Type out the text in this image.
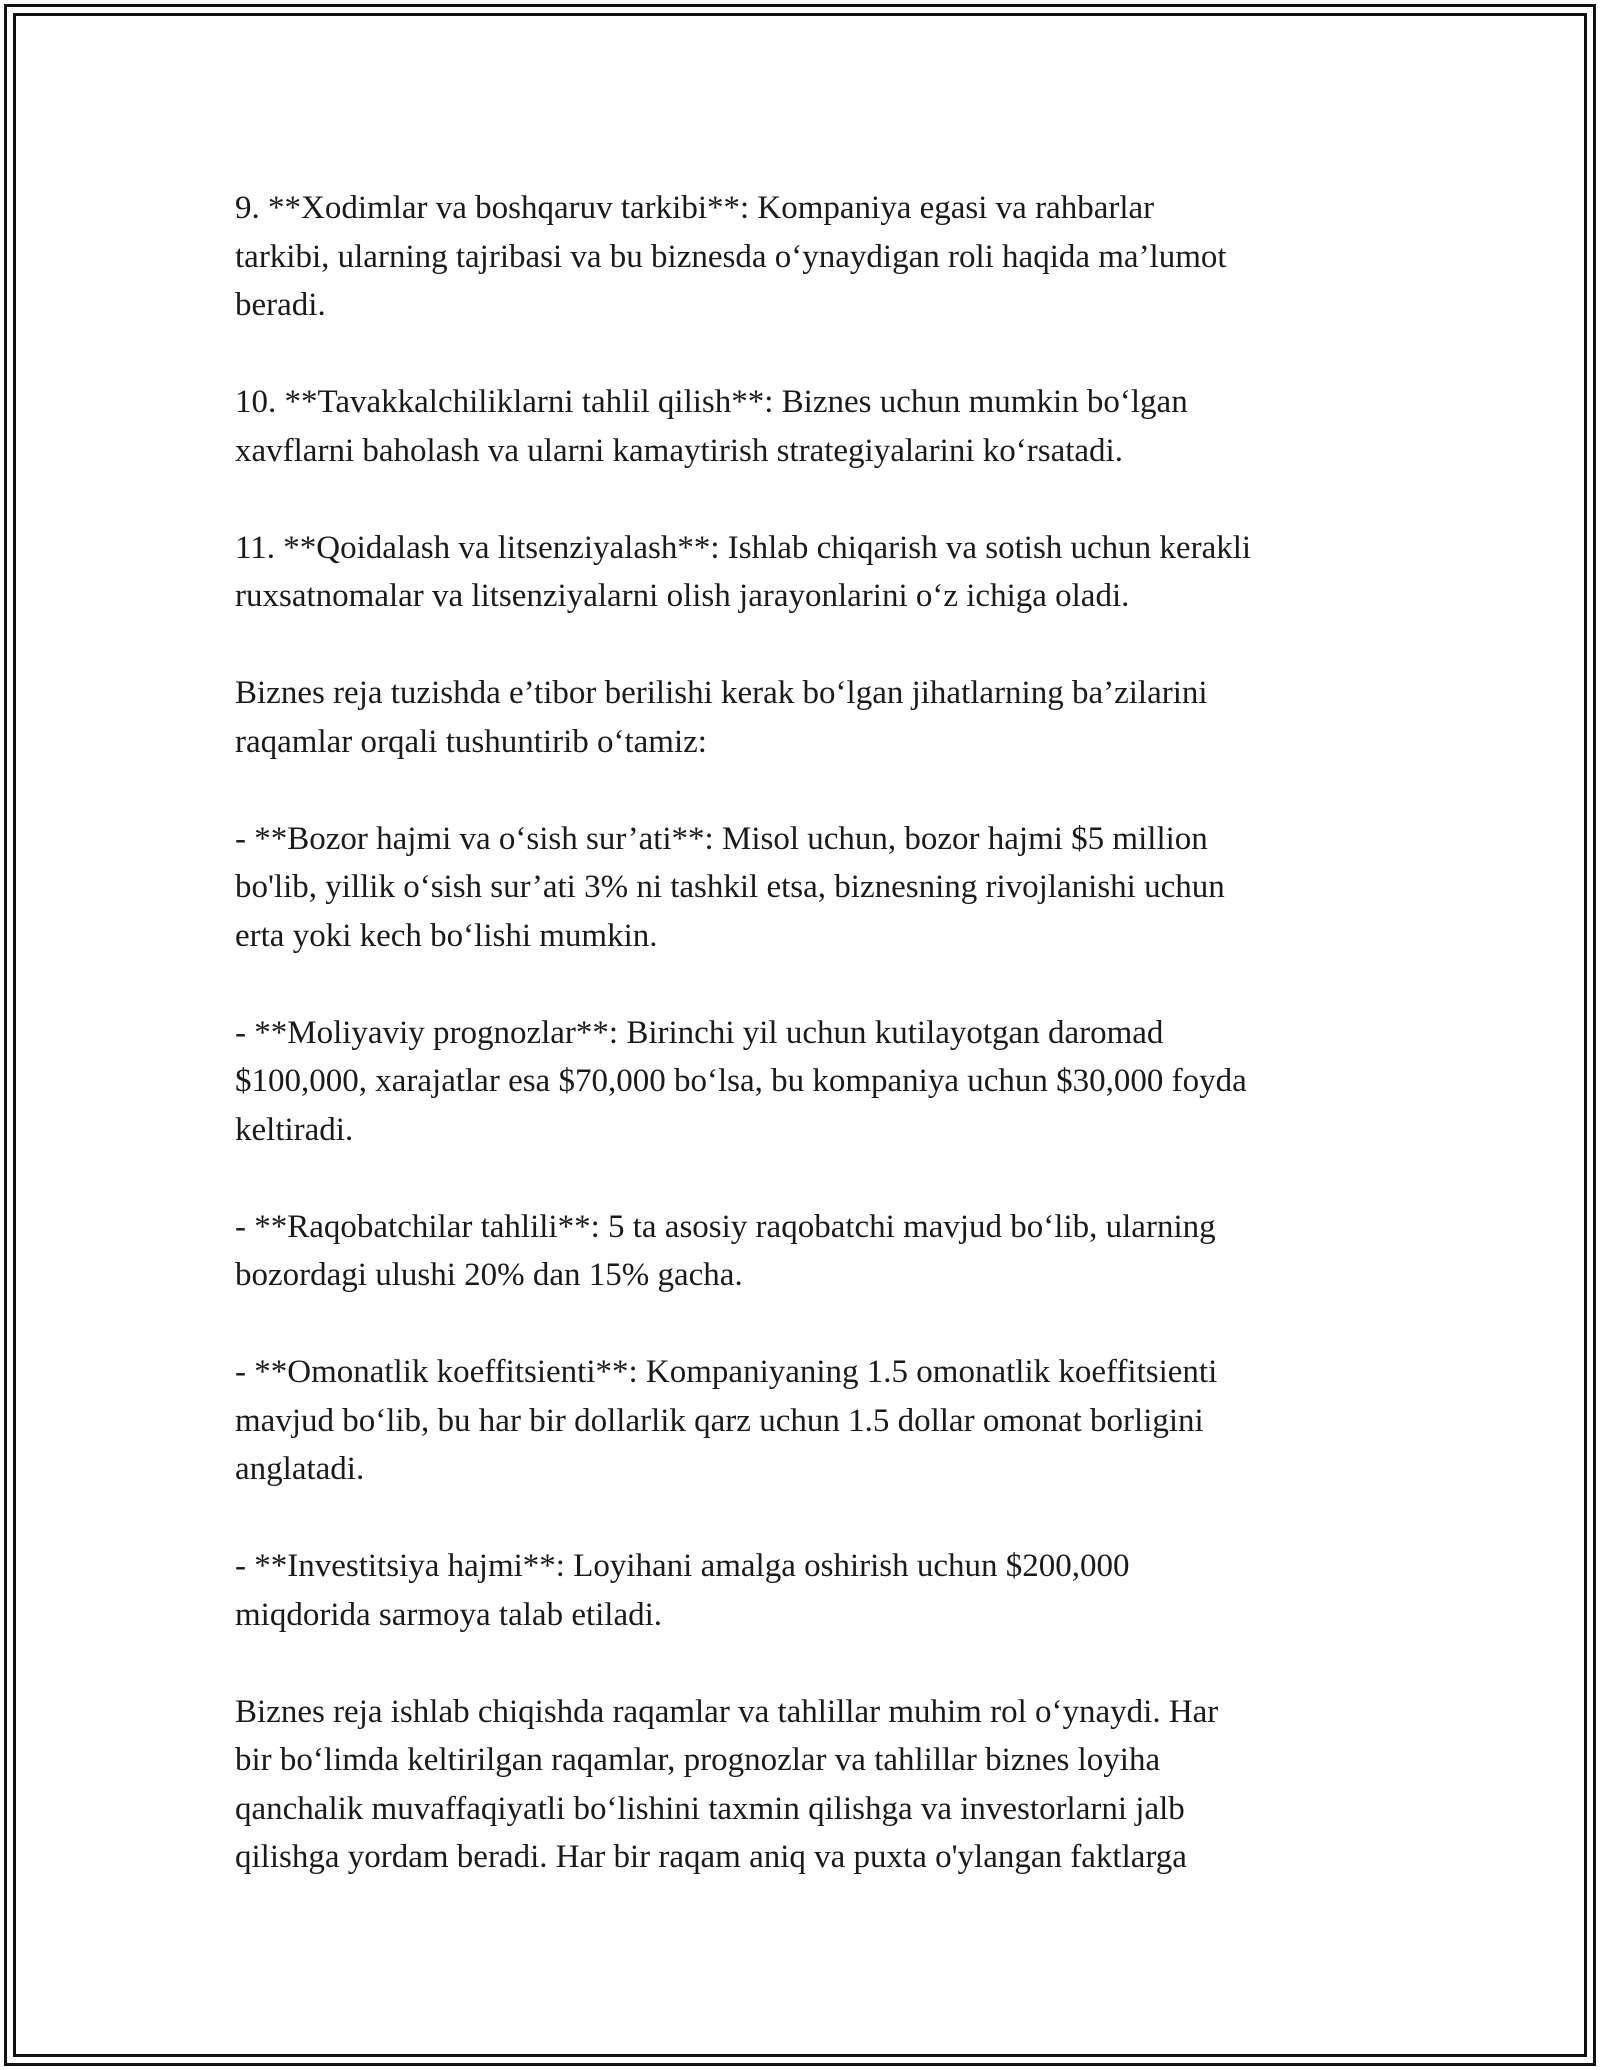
9. **Xodimlar va boshqaruv tarkibi**: Kompaniya egasi va rahbarlar
tarkibi, ularning tajribasi va bu biznesda o‘ynaydigan roli haqida ma’lumot
beradi.
10. **Tavakkalchiliklarni tahlil qilish**: Biznes uchun mumkin bo‘lgan
xavflarni baholash va ularni kamaytirish strategiyalarini ko‘rsatadi.
11. **Qoidalash va litsenziyalash**: Ishlab chiqarish va sotish uchun kerakli
ruxsatnomalar va litsenziyalarni olish jarayonlarini o‘z ichiga oladi.
Biznes reja tuzishda e’tibor berilishi kerak bo‘lgan jihatlarning ba’zilarini
raqamlar orqali tushuntirib o‘tamiz:
- **Bozor hajmi va o‘sish sur’ati**: Misol uchun, bozor hajmi $5 million
bo'lib, yillik o‘sish sur’ati 3% ni tashkil etsa, biznesning rivojlanishi uchun
erta yoki kech bo‘lishi mumkin.
- **Moliyaviy prognozlar**: Birinchi yil uchun kutilayotgan daromad
$100,000, xarajatlar esa $70,000 bo‘lsa, bu kompaniya uchun $30,000 foyda
keltiradi.
- **Raqobatchilar tahlili**: 5 ta asosiy raqobatchi mavjud bo‘lib, ularning
bozordagi ulushi 20% dan 15% gacha.
- **Omonatlik koeffitsienti**: Kompaniyaning 1.5 omonatlik koeffitsienti
mavjud bo‘lib, bu har bir dollarlik qarz uchun 1.5 dollar omonat borligini
anglatadi.
- **Investitsiya hajmi**: Loyihani amalga oshirish uchun $200,000
miqdorida sarmoya talab etiladi.
Biznes reja ishlab chiqishda raqamlar va tahlillar muhim rol o‘ynaydi. Har
bir bo‘limda keltirilgan raqamlar, prognozlar va tahlillar biznes loyiha
qanchalik muvaffaqiyatli bo‘lishini taxmin qilishga va investorlarni jalb
qilishga yordam beradi. Har bir raqam aniq va puxta o'ylangan faktlarga
